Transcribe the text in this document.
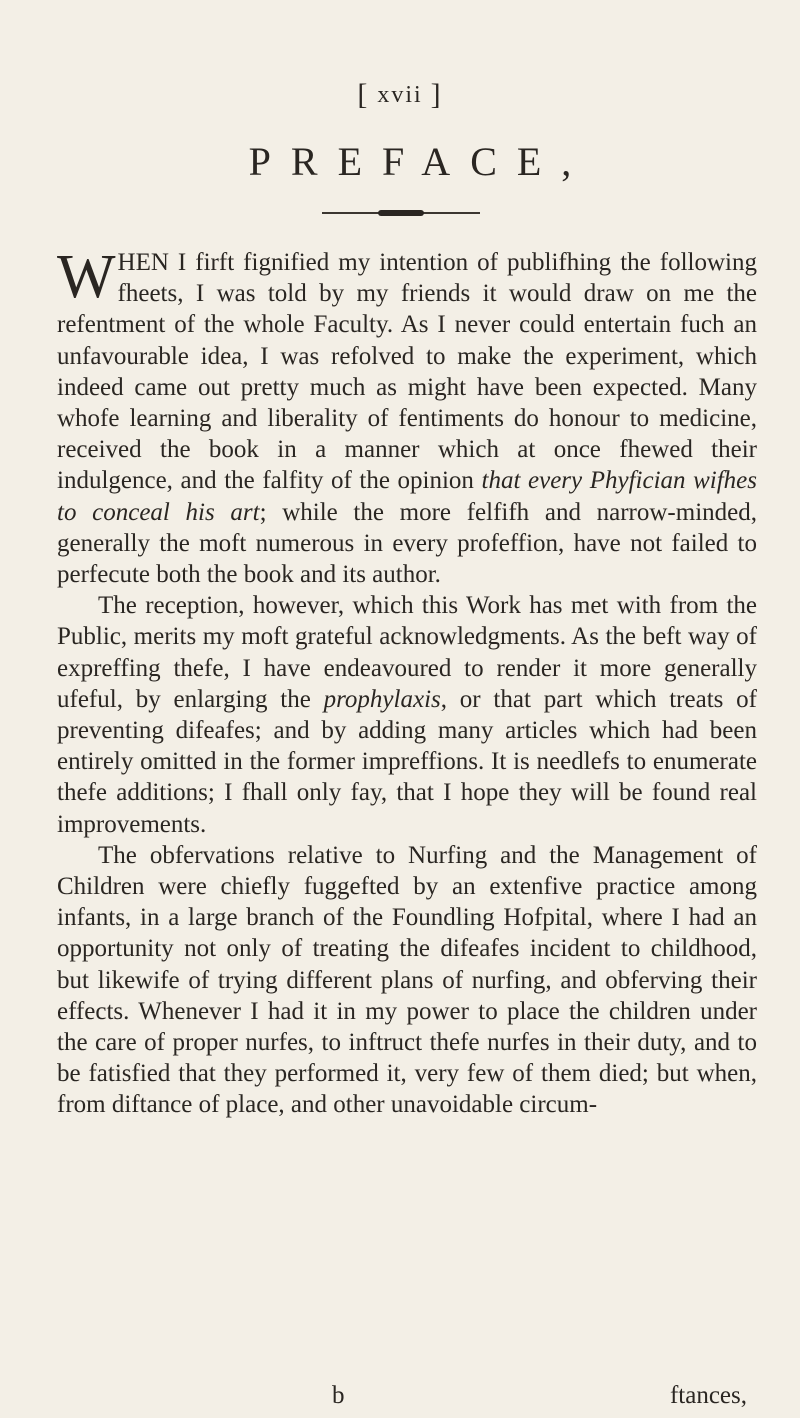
[ xvii ]
PREFACE,

WHEN I firft fignified my intention of publifhing the following fheets, I was told by my friends it would draw on me the refentment of the whole Faculty. As I never could entertain fuch an unfavourable idea, I was refolved to make the experiment, which indeed came out pretty much as might have been expected. Many whofe learning and liberality of fentiments do honour to medicine, received the book in a manner which at once fhewed their indulgence, and the falfity of the opinion that every Phyfician wifhes to conceal his art; while the more felfifh and narrow-minded, generally the moft numerous in every profeffion, have not failed to perfecute both the book and its author.

The reception, however, which this Work has met with from the Public, merits my moft grateful acknowledgments. As the beft way of expreffing thefe, I have endeavoured to render it more generally ufeful, by enlarging the prophylaxis, or that part which treats of preventing difeafes; and by adding many articles which had been entirely omitted in the former impreffions. It is needlefs to enumerate thefe additions; I fhall only fay, that I hope they will be found real improvements.

The obfervations relative to Nurfing and the Management of Children were chiefly fuggefted by an extenfive practice among infants, in a large branch of the Foundling Hofpital, where I had an opportunity not only of treating the difeafes incident to childhood, but likewife of trying different plans of nurfing, and obferving their effects. Whenever I had it in my power to place the children under the care of proper nurfes, to inftruct thefe nurfes in their duty, and to be fatisfied that they performed it, very few of them died; but when, from diftance of place, and other unavoidable circum-

b	ftances,
